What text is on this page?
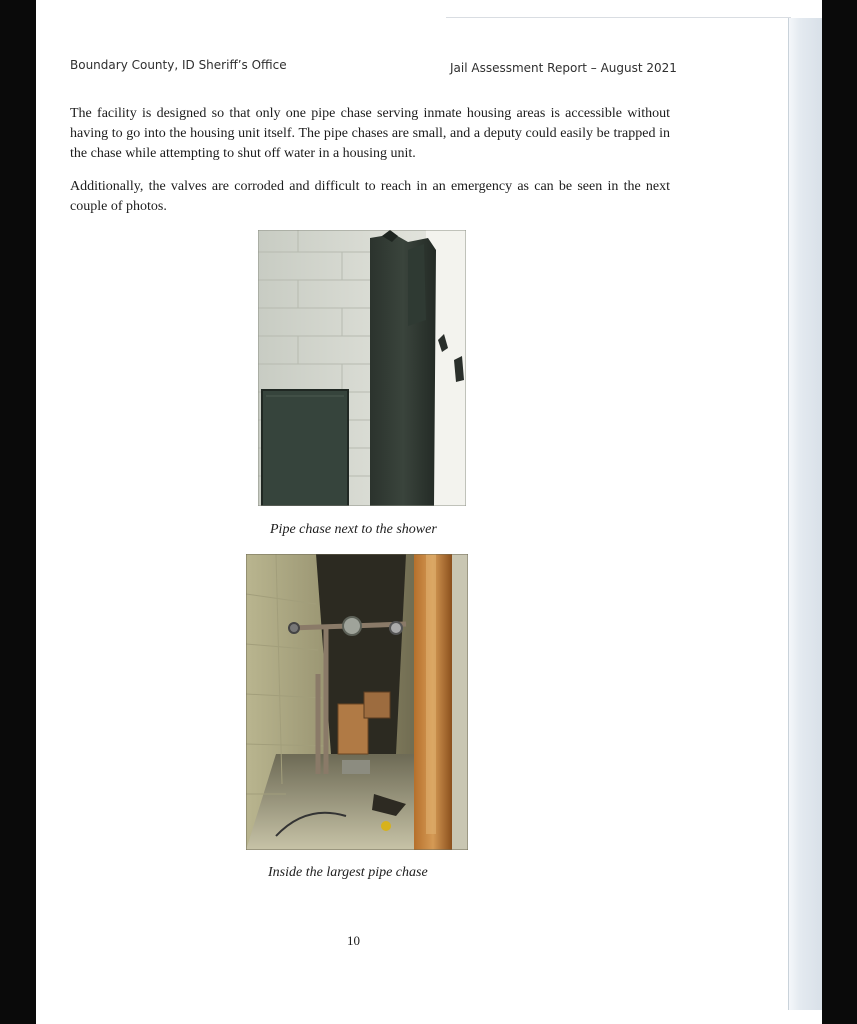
Boundary County, ID Sheriff’s Office	Jail Assessment Report – August 2021
The facility is designed so that only one pipe chase serving inmate housing areas is accessible without having to go into the housing unit itself. The pipe chases are small, and a deputy could easily be trapped in the chase while attempting to shut off water in a housing unit.
Additionally, the valves are corroded and difficult to reach in an emergency as can be seen in the next couple of photos.
Pipe chase next to the shower
Inside the largest pipe chase
10
